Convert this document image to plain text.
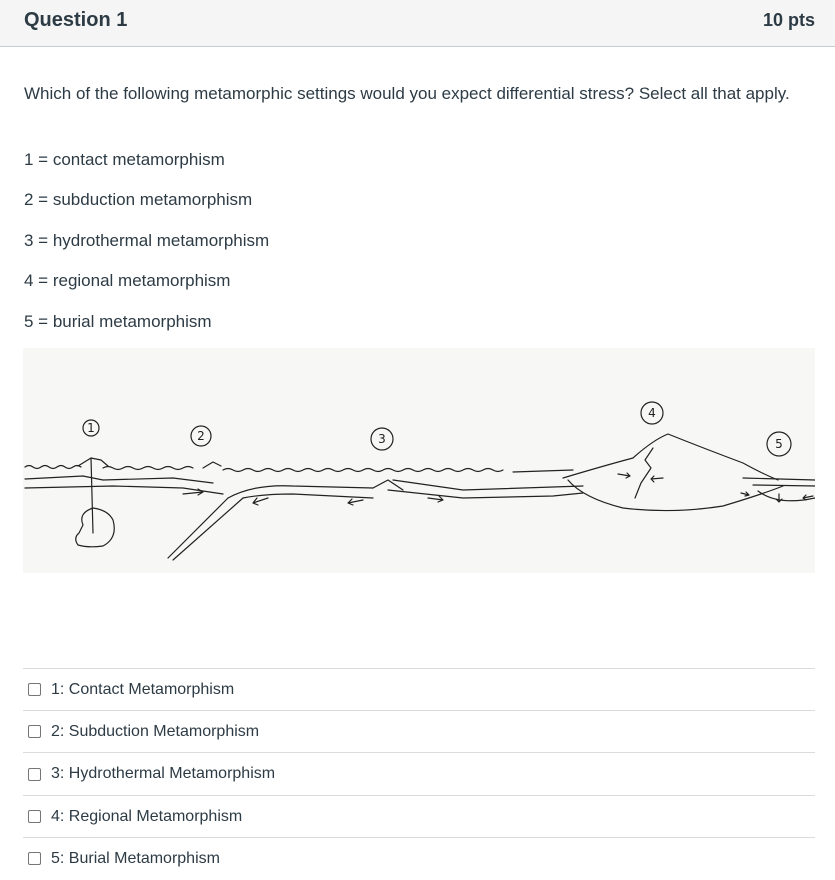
Question 1	10 pts
Which of the following metamorphic settings would you expect differential stress? Select all that apply.
1 = contact metamorphism
2 = subduction metamorphism
3 = hydrothermal metamorphism
4 = regional metamorphism
5 = burial metamorphism
1
2	3
4
5
1: Contact Metamorphism
2: Subduction Metamorphism
3: Hydrothermal Metamorphism
4: Regional Metamorphism
5: Burial Metamorphism
